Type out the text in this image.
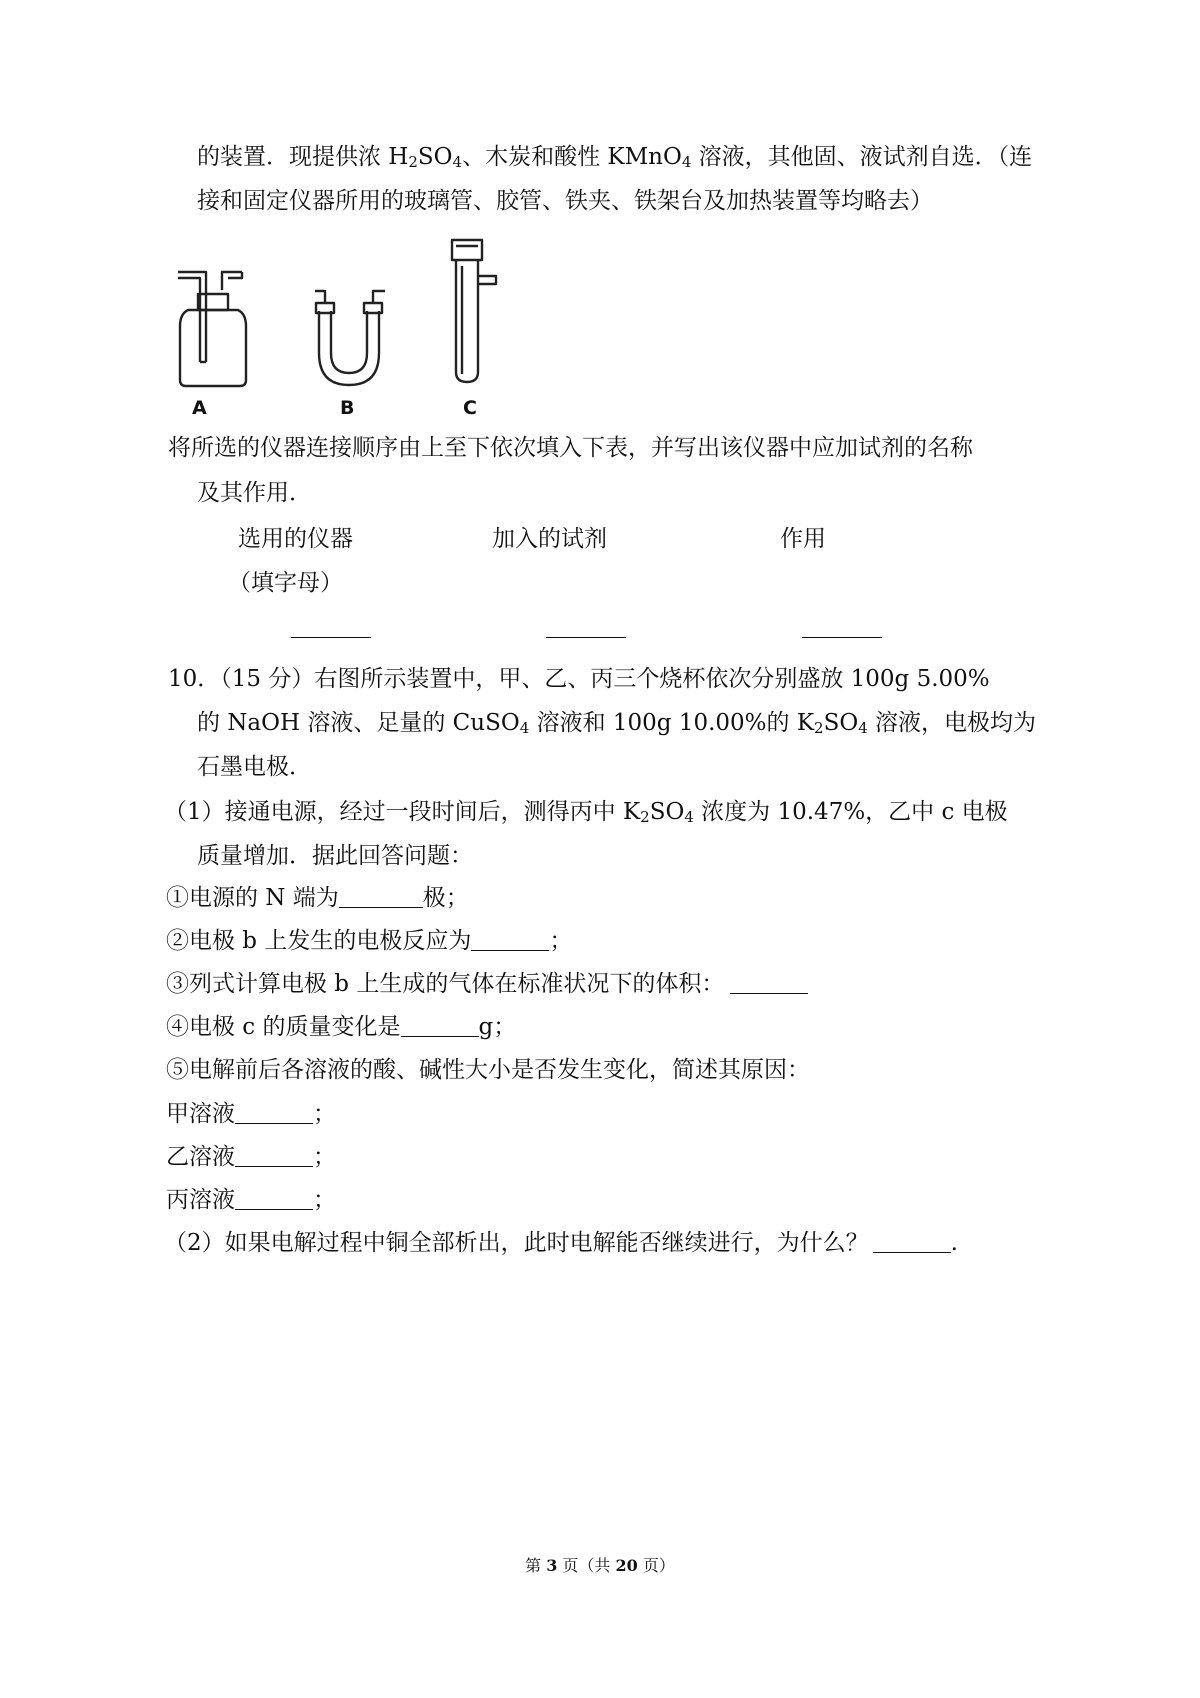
的装置．现提供浓 $H_2SO_4$、木炭和酸性 KMnO$_4$ 溶液，其他固、液试剂自选．（连
接和固定仪器所用的玻璃管、胶管、铁夹、铁架台及加热装置等均略去）
A	B	C
将所选的仪器连接顺序由上至下依次填入下表，并写出该仪器中应加试剂的名称
及其作用．
选用的仪器
（填字母）
加入的试剂	作用
10．（15 分）右图所示装置中，甲、乙、丙三个烧杯依次分别盛放 100g 5.00%
的 NaOH 溶液、足量的 CuSO$_4$ 溶液和 100g 10.00%的 $K_2SO_4$ 溶液，电极均为
石墨电极．
（1）接通电源，经过一段时间后，测得丙中 $K_2SO_4$ 浓度为 10.47%，乙中 c 电极
质量增加．据此回答问题：
①电源的 N 端为	极；
②电极 b 上发生的电极反应为	；
③列式计算电极 b 上生成的气体在标准状况下的体积：
④电极 c 的质量变化是	g；
⑤电解前后各溶液的酸、碱性大小是否发生变化，简述其原因：
甲溶液	；
乙溶液	；
丙溶液	；
（2）如果电解过程中铜全部析出，此时电解能否继续进行，为什么？	.
第 3 页（共 20 页）
